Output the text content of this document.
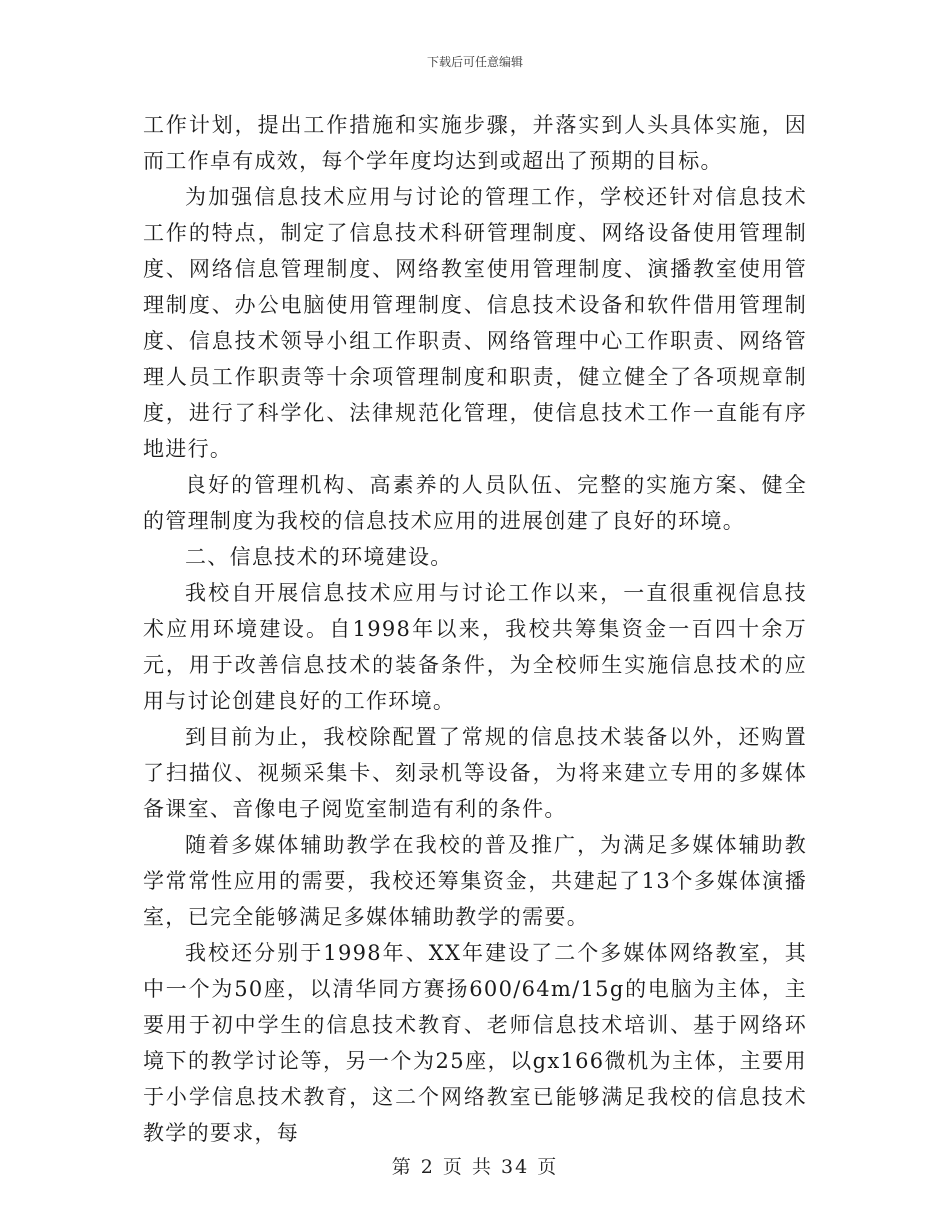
下载后可任意编辑

工作计划，提出工作措施和实施步骤，并落实到人头具体实施，因而工作卓有成效，每个学年度均达到或超出了预期的目标。

为加强信息技术应用与讨论的管理工作，学校还针对信息技术工作的特点，制定了信息技术科研管理制度、网络设备使用管理制度、网络信息管理制度、网络教室使用管理制度、演播教室使用管理制度、办公电脑使用管理制度、信息技术设备和软件借用管理制度、信息技术领导小组工作职责、网络管理中心工作职责、网络管理人员工作职责等十余项管理制度和职责，健立健全了各项规章制度，进行了科学化、法律规范化管理，使信息技术工作一直能有序地进行。

良好的管理机构、高素养的人员队伍、完整的实施方案、健全的管理制度为我校的信息技术应用的进展创建了良好的环境。

二、信息技术的环境建设。

我校自开展信息技术应用与讨论工作以来，一直很重视信息技术应用环境建设。自1998年以来，我校共筹集资金一百四十余万元，用于改善信息技术的装备条件，为全校师生实施信息技术的应用与讨论创建良好的工作环境。

到目前为止，我校除配置了常规的信息技术装备以外，还购置了扫描仪、视频采集卡、刻录机等设备，为将来建立专用的多媒体备课室、音像电子阅览室制造有利的条件。

随着多媒体辅助教学在我校的普及推广，为满足多媒体辅助教学常常性应用的需要，我校还筹集资金，共建起了13个多媒体演播室，已完全能够满足多媒体辅助教学的需要。

我校还分别于1998年、XX年建设了二个多媒体网络教室，其中一个为50座，以清华同方赛扬600/64m/15g的电脑为主体，主要用于初中学生的信息技术教育、老师信息技术培训、基于网络环境下的教学讨论等，另一个为25座，以gx166微机为主体，主要用于小学信息技术教育，这二个网络教室已能够满足我校的信息技术教学的要求，每

第 2 页 共 34 页
